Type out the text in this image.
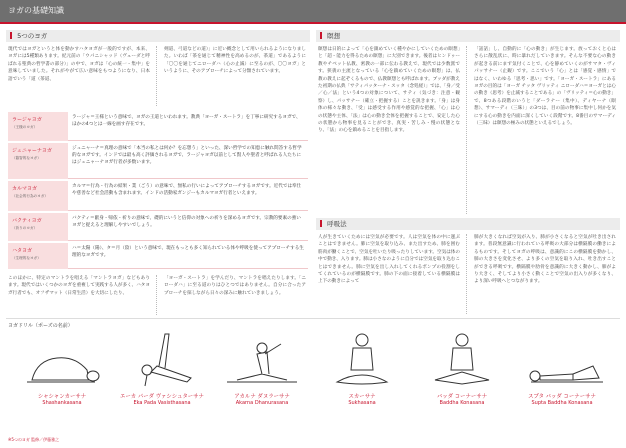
ヨガの基礎知識
5つのヨガ
現代ではヨガというと体を動かすハタヨガが一般的ですが、本来、ヨガには5種類あります。紀元前の「ウパニシャッド（ヴェーダと呼ばれる聖典の哲学書の部分）」の中で、ヨガは「心の統一・集中」を意味していました。それがやがて広い意味をもつようになり、日本語でいう「道（茶道、
剣道、弓道などの道）」に近い概念として用いられるようになりました。いわば「茶を通じて精神性を高めるのが、茶道」であるように「〇〇を通じてニローダハ（心の止滅）に至るのが、〇〇ヨガ」というように、そのアプローチによって分類されています。
ラージャヨガ
（王様のヨガ）
ラージャ＝王様という意味で、ヨガの王道といわれます。教典「ヨーガ・スートラ」を丁寧に研究するヨガで、ほかの4つとは一線を画す存在です。
ジュニャーナヨガ
（叡智的なヨガ）
ジュニャーナ＝真理の意味で「本当の私とは何か？を忘想う」といった、深い哲学での知恵に触れ問答する哲学的なヨガです。インドでは最も高く評価されるヨガで、ラージャヨガ以前として賢人や聖者と呼ばれる人たちにはジュニャーナヨガ行者が多数います。
カルマヨガ
（社会的行為のヨガ）
カルマ＝行為・行為の結果・業（ごう）の意味で、無私の行いによってアプローチするヨガです。近代では奉仕や慈善など社会活動も含まれます。インドの活動家ガンジーもカルマヨガ行者といえます。
バクティヨガ
（祈りのヨガ）
バクティ＝献身・帰依・祈りの意味で、礎的にいうと信仰の対象への祈りを深めるヨガです。宗教的要素の強いヨガと捉えると理解しやすいでしょう。
ハタヨガ
（生理的なヨガ）
ハ＝太陽（陽）、タ＝月（陰）という意味で、現在もっとも多く知られている体や呼吸を使ってアプローチする生理的なヨガです。
このほかに、特定のマントラを唱える「マントラヨガ」などもあります。現代ではいくつかのヨガを重複して実践する人が多く、ハタヨガ行者でも、オフザマット（日常生活）を大切にしたり、
「ヨーガ・スートラ」を学んだり、マントラを唱えたりします。「ニローダハ」に至る道のりはひとつではありません。自分に合ったアプローチを探しながら日々の深みに触れていきましょう。
瞑想
瞑想は日的によって「心を鎮めていく種やかにしていくための瞑想」と「超・能力を得るための瞑想」に大別できます。後者はヒンドゥー教やチベット仏教、密教の一部に伝わる教えで、現代では少数派です。狭義の主流となっている「心を鎮めていくための瞑想」は、仏教の教えに起ぞくるもので、仏教瞑想とも呼ばれます。ブッダが教えた初期の仏典「サティパッターナ・スッタ（念処経）」では、「身／受／心／法」という4つの対象について、サティ（気づき：注意・観察）し、パッサナー（確立・把握する）ことを説きます。「身」は身体の様々な動き、「受」は感受する作用や感覚的な把握、「心」は心の状態や主体、「法」は心の動き全体を把握することで、安定した心の状態から物事を見ることができ、真実・苦しみ・慢の状態となり、「法」の心を鎮めることを目指します。
「話話」し、自動的に「心の動き」が生じます。放っておくと心はさらに散乱状に、時に暴れだしていきます。そんな不要な心の動きが起きる前にまず気付くことで、心を静めていくのがサマタ・ヴィパッサナー（止観）です。ここでいう「心」とは「感覚・感情」ではなく、いわゆる「思考・思い」です。「ヨーガ・スートラ」にあるヨガの目的は「ヨーガ チッタ ヴリッティ ニローダハ＝ヨーガとは心の動き（思考）を止滅することである」の「ヴリッティ＝心の動き」で、8つある段階のいうと「ダーラナー（集中）、ディヤーナ（瞑想）、サマーディ（三昧）」の3つは、目の前の物事に集中し何かを気にする心の動きを内面に深くしていく段階です。8番目のサマーディ（三昧）は瞑想の極みの状態といえるでしょう。
呼吸法
人が生きていくためには空気が必要です。人は空気を体の中に運ぶことはできません。肺に空気を取り込み、また出すため、肺を囲む筋肉が働くことで、空気を吐いたり吸ったりしています。空気は体の中で動き、入ります。肺は小さなのように自分では空気を取り込むことはできません。肺に空気を出し入れしてくれるポンプの役割をしてくれているのが横隔膜です。肺の下の面に接着している横隔膜は上下の動きによって
肺が大きくなれば空気が入り、肺が小さくなると空気が吐き出されます。普段無意識に行われている呼吸の大部分は横隔膜の働きによるものです。そしてヨガの呼吸は、意識的にこの横隔膜を動かし、肺の大きさを変化させ、より多くの空気を取り入れ、吐き出すことができる呼吸です。横隔膜や肋骨を意識的に大きく動かし、肺がより大きく、そしてより小さく動くことで空気の出入りが多くなり、より深い呼吸へとつながります。
ヨガドリル（ポーズの名前）
シャシャンカーサナ
Shashankasana
エーカ パーダ ヴァシシュターサナ
Eka Pada Vasisthasana
アカルナ ダヌラーサナ
Akarna Dhanurasana
スカーサナ
Sukhasana
バッダ コーナーサナ
Baddha Konasana
スプタ バッダ コーナーサナ
Supta Baddha Konasana
※5つのヨガ 監修／伊藤雅之
